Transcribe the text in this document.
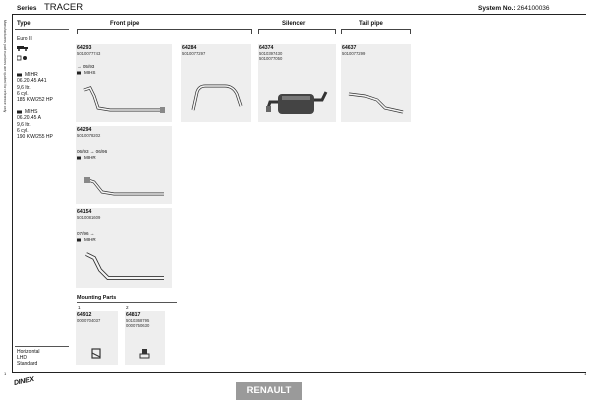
Series TRACER	System No.: 264100036
Manufacturers part numbers are quoted for reference only Type
Euro II
MIHR
06.20.45 A41
9,6 ltr.
6 cyl.
185 KW/252 HP
MIHS
06.20.45 A
9,6 ltr.
6 cyl.
190 KW/255 HP
Horizontal
LHD
Standard
Front pipe	Silencer	Tail pipe
64293
5010077743
→ 05/93
MIHS
64284
5010077297
64374
5010397430
5010077050
64637
5010077299
64294
5010078202
06/93 → 06/96
MIHR
64154
5010081609
07/96 →
MIHR
Mounting Parts
1	2
64912
0000704037
64817
5010368795
0000750630
1	1
DINEX
RENAULT
